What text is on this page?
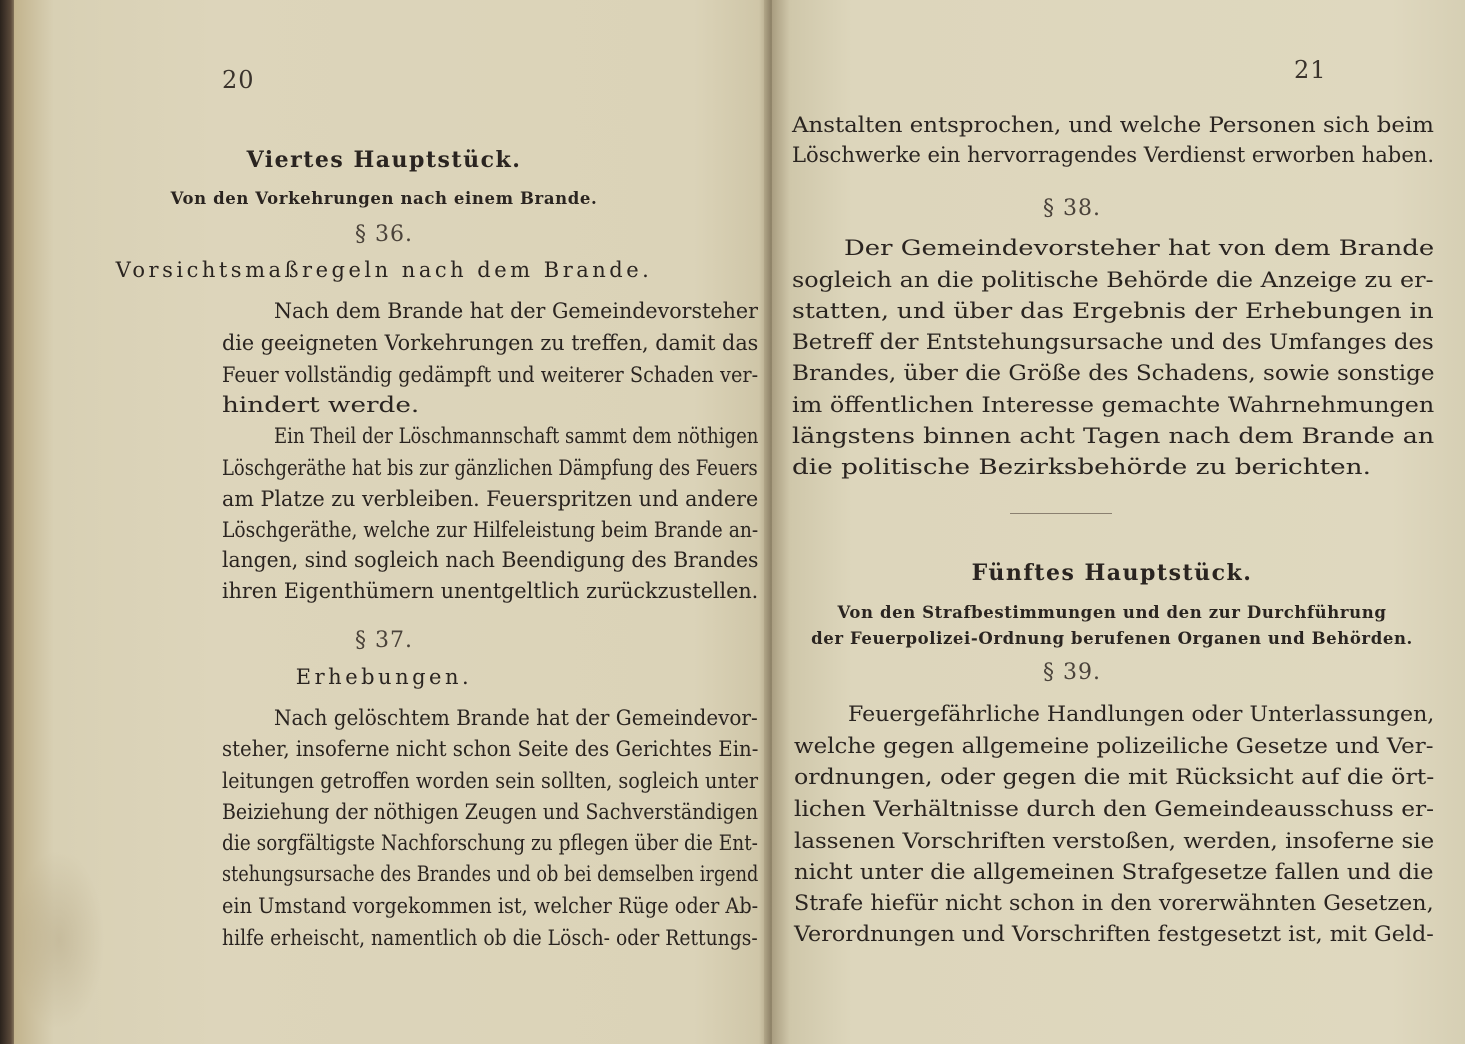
20
Viertes Hauptstück.
Von den Vorkehrungen nach einem Brande.
§ 36.
Vorsichtsmaßregeln nach dem Brande.
Nach dem Brande hat der Gemeindevorsteher
die geeigneten Vorkehrungen zu treffen, damit das
Feuer vollständig gedämpft und weiterer Schaden ver-
hindert werde.
Ein Theil der Löschmannschaft sammt dem nöthigen
Löschgeräthe hat bis zur gänzlichen Dämpfung des Feuers
am Platze zu verbleiben. Feuerspritzen und andere
Löschgeräthe, welche zur Hilfeleistung beim Brande an-
langen, sind sogleich nach Beendigung des Brandes
ihren Eigenthümern unentgeltlich zurückzustellen.
§ 37.
Erhebungen.
Nach gelöschtem Brande hat der Gemeindevor-
steher, insoferne nicht schon Seite des Gerichtes Ein-
leitungen getroffen worden sein sollten, sogleich unter
Beiziehung der nöthigen Zeugen und Sachverständigen
die sorgfältigste Nachforschung zu pflegen über die Ent-
stehungsursache des Brandes und ob bei demselben irgend
ein Umstand vorgekommen ist, welcher Rüge oder Ab-
hilfe erheischt, namentlich ob die Lösch- oder Rettungs-
21
Anstalten entsprochen, und welche Personen sich beim
Löschwerke ein hervorragendes Verdienst erworben haben.
§ 38.
Der Gemeindevorsteher hat von dem Brande
sogleich an die politische Behörde die Anzeige zu er-
statten, und über das Ergebnis der Erhebungen in
Betreff der Entstehungsursache und des Umfanges des
Brandes, über die Größe des Schadens, sowie sonstige
im öffentlichen Interesse gemachte Wahrnehmungen
längstens binnen acht Tagen nach dem Brande an
die politische Bezirksbehörde zu berichten.
Fünftes Hauptstück.
Von den Strafbestimmungen und den zur Durchführung
der Feuerpolizei-Ordnung berufenen Organen und Behörden.
§ 39.
Feuergefährliche Handlungen oder Unterlassungen,
welche gegen allgemeine polizeiliche Gesetze und Ver-
ordnungen, oder gegen die mit Rücksicht auf die ört-
lichen Verhältnisse durch den Gemeindeausschuss er-
lassenen Vorschriften verstoßen, werden, insoferne sie
nicht unter die allgemeinen Strafgesetze fallen und die
Strafe hiefür nicht schon in den vorerwähnten Gesetzen,
Verordnungen und Vorschriften festgesetzt ist, mit Geld-
